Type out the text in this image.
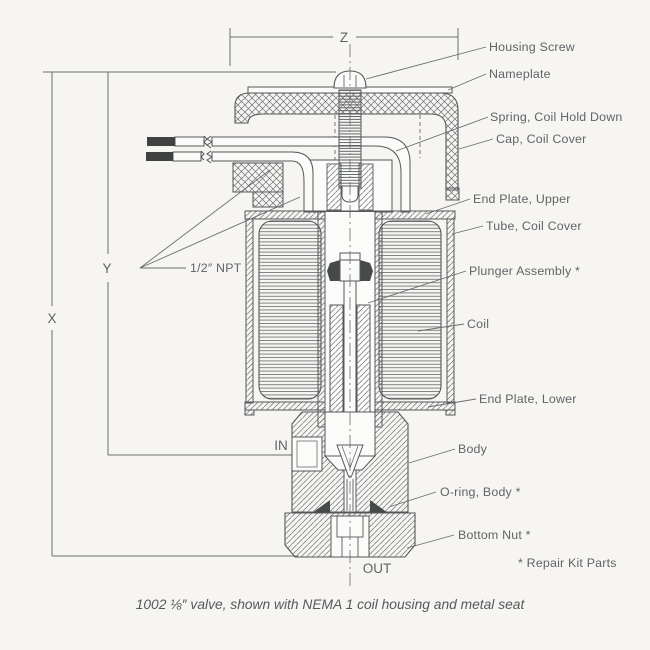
Housing Screw
Nameplate
Spring, Coil Hold Down
Cap, Coil Cover
End Plate, Upper
Tube, Coil Cover
Plunger Assembly *
Coil
End Plate, Lower
Body
O-ring, Body *
Bottom Nut *
* Repair Kit Parts
1/2″ NPT
Z
Y
X
IN
OUT
1002 ⅛″ valve, shown with NEMA 1 coil housing and metal seat
